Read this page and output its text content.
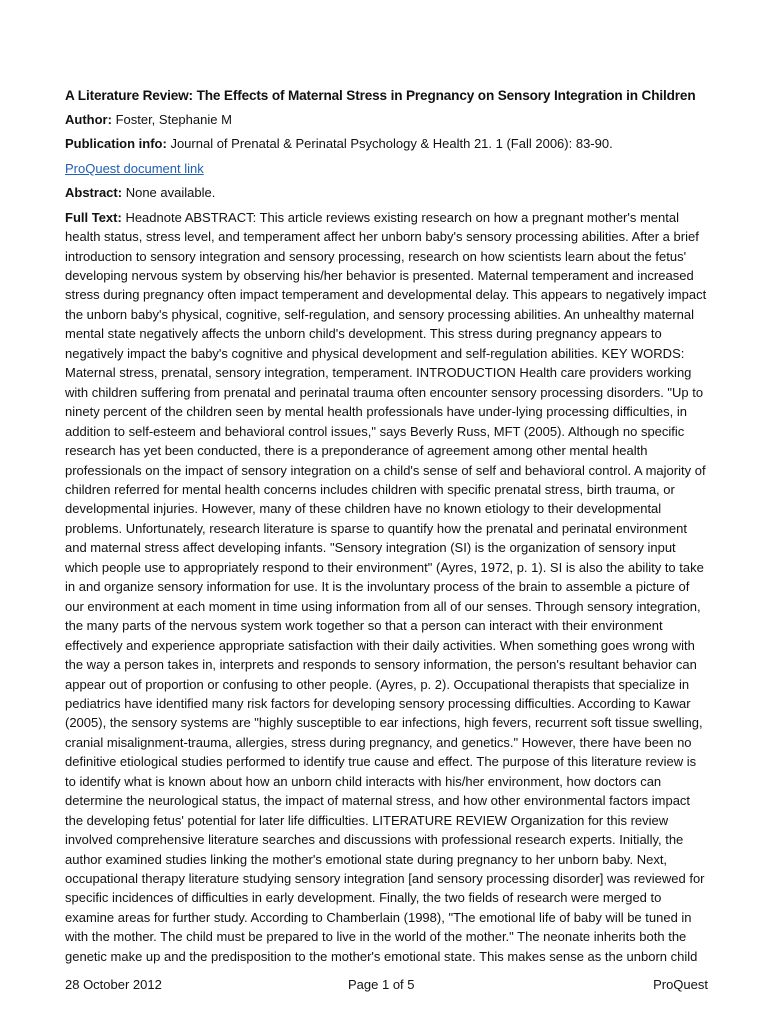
A Literature Review: The Effects of Maternal Stress in Pregnancy on Sensory Integration in Children
Author: Foster, Stephanie M
Publication info: Journal of Prenatal & Perinatal Psychology & Health 21. 1 (Fall 2006): 83-90.
ProQuest document link
Abstract: None available.

Full Text: Headnote ABSTRACT: This article reviews existing research on how a pregnant mother's mental health status, stress level, and temperament affect her unborn baby's sensory processing abilities. After a brief introduction to sensory integration and sensory processing, research on how scientists learn about the fetus' developing nervous system by observing his/her behavior is presented. Maternal temperament and increased stress during pregnancy often impact temperament and developmental delay. This appears to negatively impact the unborn baby's physical, cognitive, self-regulation, and sensory processing abilities. An unhealthy maternal mental state negatively affects the unborn child's development. This stress during pregnancy appears to negatively impact the baby's cognitive and physical development and self-regulation abilities. KEY WORDS: Maternal stress, prenatal, sensory integration, temperament. INTRODUCTION Health care providers working with children suffering from prenatal and perinatal trauma often encounter sensory processing disorders. "Up to ninety percent of the children seen by mental health professionals have under-lying processing difficulties, in addition to self-esteem and behavioral control issues," says Beverly Russ, MFT (2005). Although no specific research has yet been conducted, there is a preponderance of agreement among other mental health professionals on the impact of sensory integration on a child's sense of self and behavioral control. A majority of children referred for mental health concerns includes children with specific prenatal stress, birth trauma, or developmental injuries. However, many of these children have no known etiology to their developmental problems. Unfortunately, research literature is sparse to quantify how the prenatal and perinatal environment and maternal stress affect developing infants. "Sensory integration (SI) is the organization of sensory input which people use to appropriately respond to their environment" (Ayres, 1972, p. 1). SI is also the ability to take in and organize sensory information for use. It is the involuntary process of the brain to assemble a picture of our environment at each moment in time using information from all of our senses. Through sensory integration, the many parts of the nervous system work together so that a person can interact with their environment effectively and experience appropriate satisfaction with their daily activities. When something goes wrong with the way a person takes in, interprets and responds to sensory information, the person's resultant behavior can appear out of proportion or confusing to other people. (Ayres, p. 2). Occupational therapists that specialize in pediatrics have identified many risk factors for developing sensory processing difficulties. According to Kawar (2005), the sensory systems are "highly susceptible to ear infections, high fevers, recurrent soft tissue swelling, cranial misalignment-trauma, allergies, stress during pregnancy, and genetics." However, there have been no definitive etiological studies performed to identify true cause and effect. The purpose of this literature review is to identify what is known about how an unborn child interacts with his/her environment, how doctors can determine the neurological status, the impact of maternal stress, and how other environmental factors impact the developing fetus' potential for later life difficulties. LITERATURE REVIEW Organization for this review involved comprehensive literature searches and discussions with professional research experts. Initially, the author examined studies linking the mother's emotional state during pregnancy to her unborn baby. Next, occupational therapy literature studying sensory integration [and sensory processing disorder] was reviewed for specific incidences of difficulties in early development. Finally, the two fields of research were merged to examine areas for further study. According to Chamberlain (1998), "The emotional life of baby will be tuned in with the mother. The child must be prepared to live in the world of the mother." The neonate inherits both the genetic make up and the predisposition to the mother's emotional state. This makes sense as the unborn child

28 October 2012	Page 1 of 5	ProQuest
